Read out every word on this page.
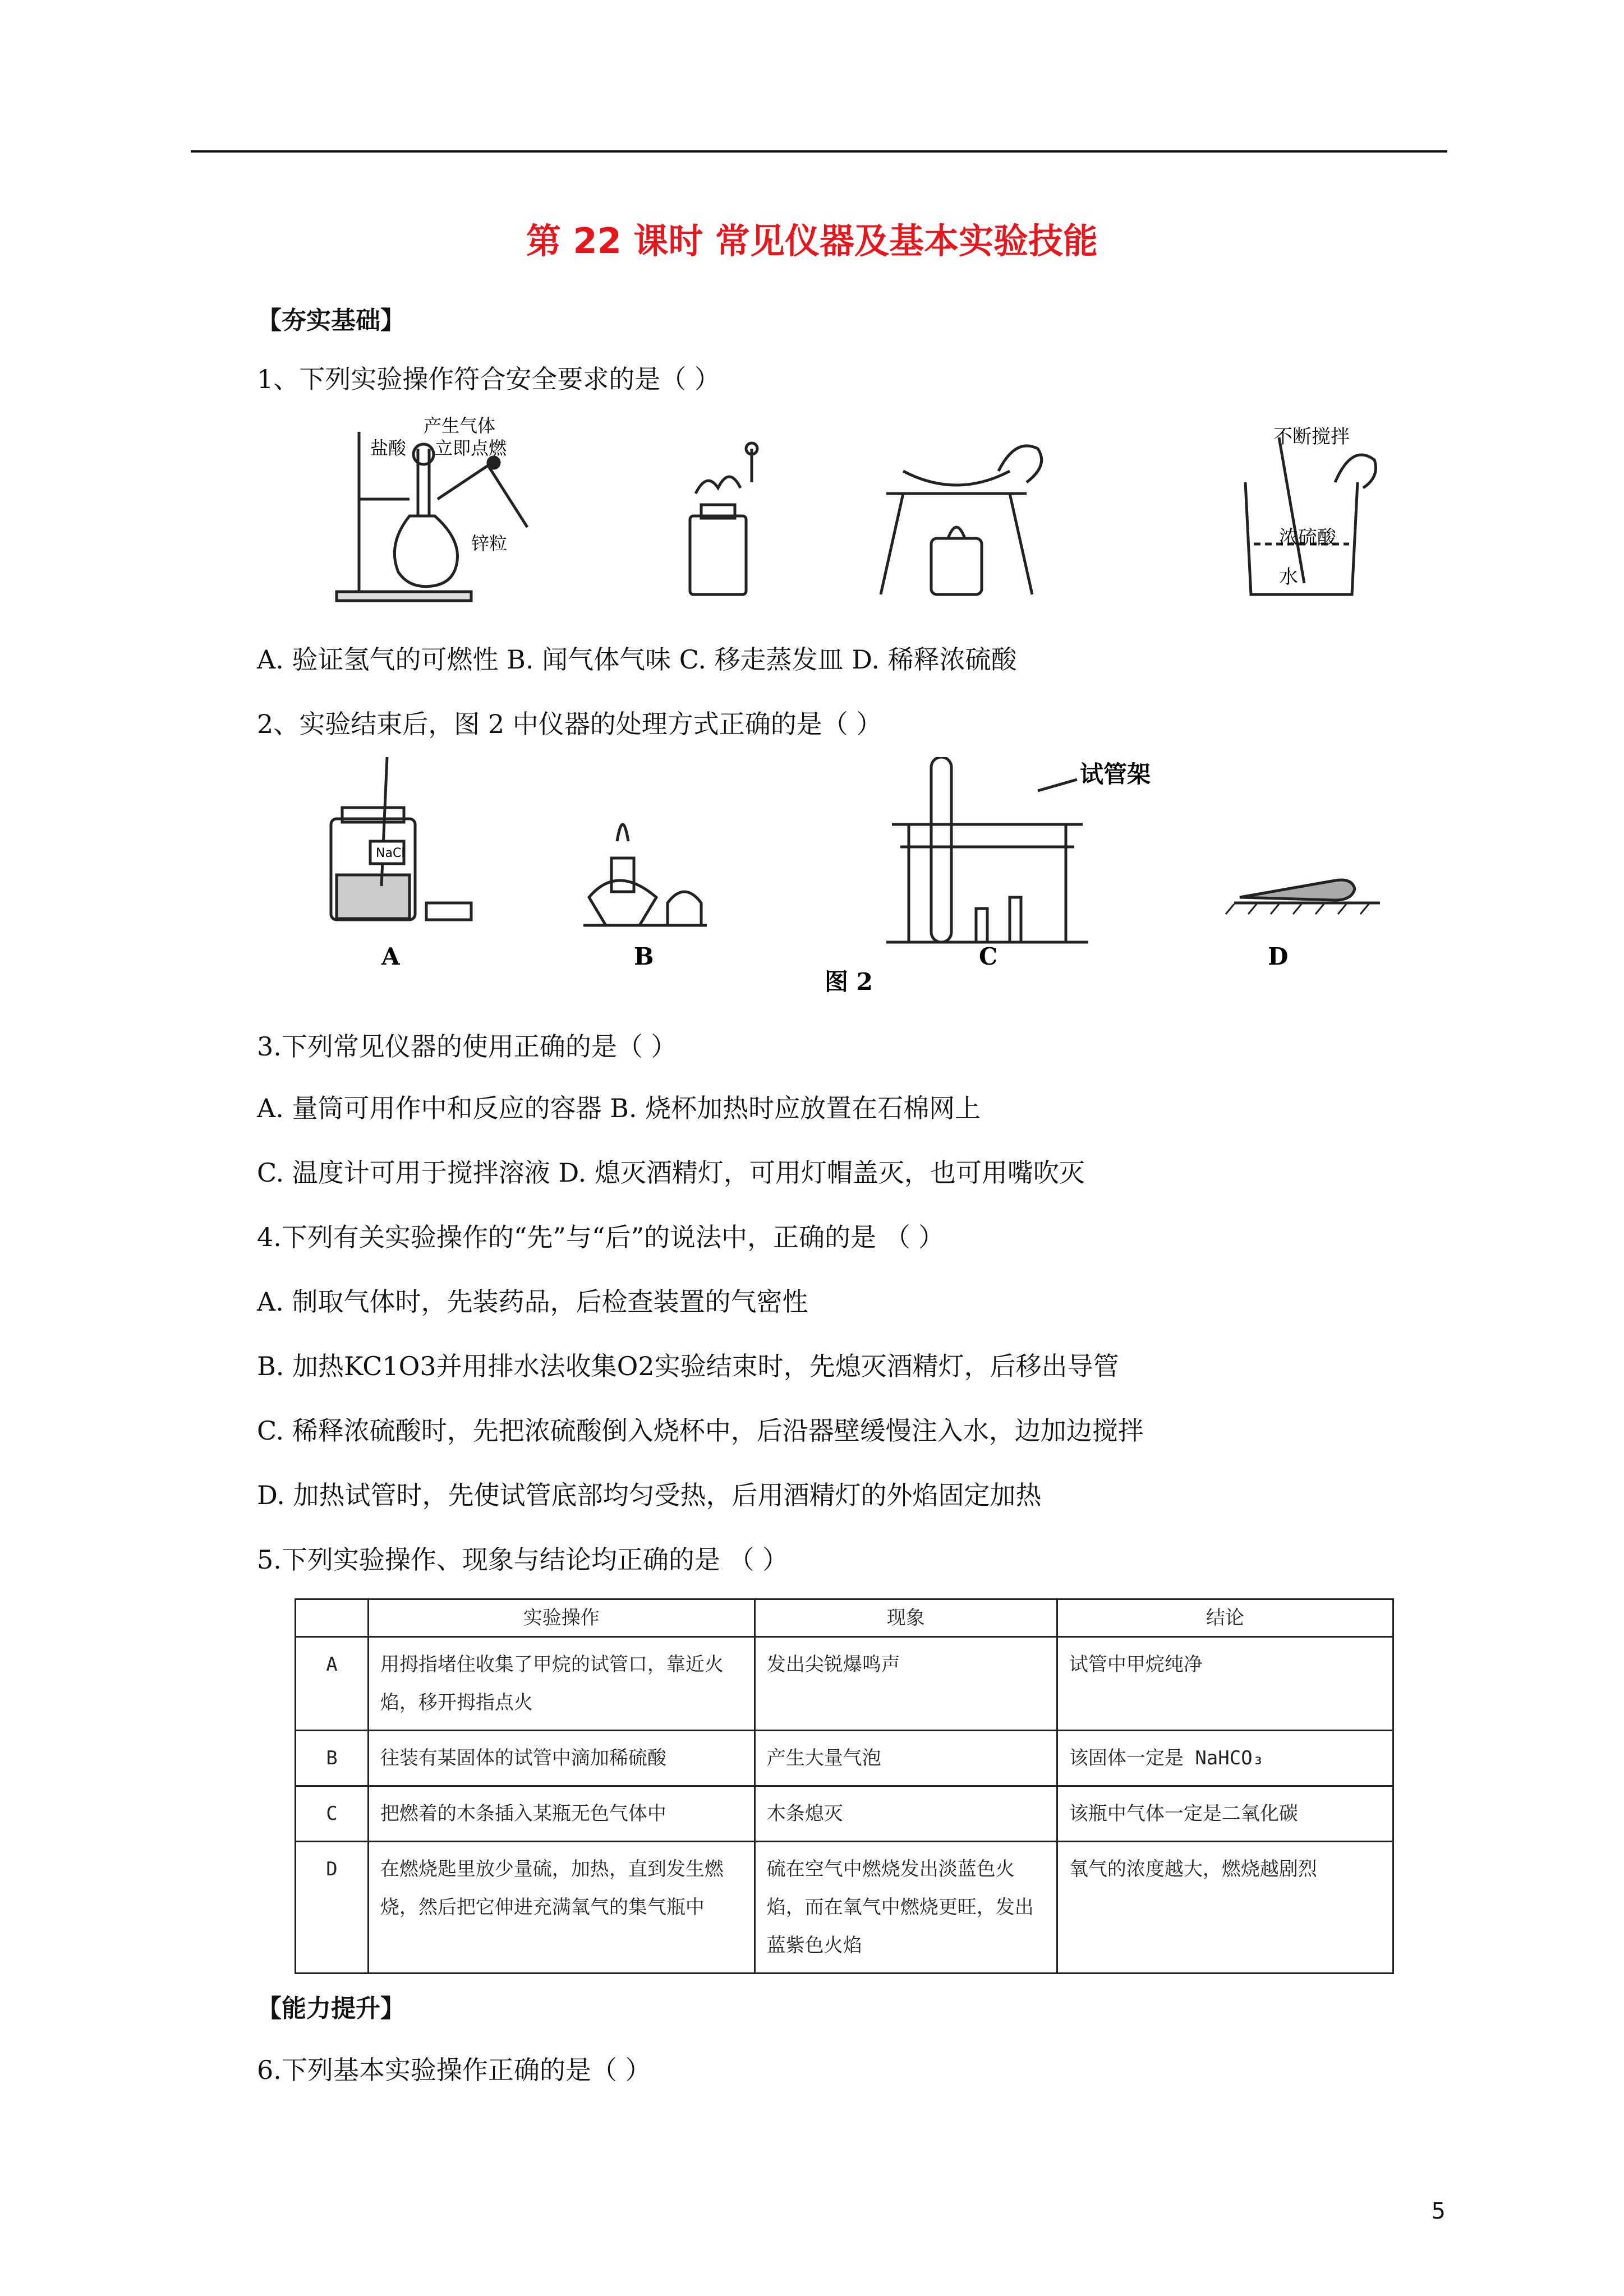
第 22 课时 常见仪器及基本实验技能
【夯实基础】
1、下列实验操作符合安全要求的是（ ）
产生气体
盐酸 立即点燃
锌粒
不断搅拌
浓硫酸
水
A. 验证氢气的可燃性 B. 闻气体气味 C. 移走蒸发皿 D. 稀释浓硫酸
2、实验结束后，图 2 中仪器的处理方式正确的是（ ）
试管架
NaCl
A	B	C	D
图 2
3.下列常见仪器的使用正确的是（ ）
A. 量筒可用作中和反应的容器 B. 烧杯加热时应放置在石棉网上
C. 温度计可用于搅拌溶液 D. 熄灭酒精灯，可用灯帽盖灭，也可用嘴吹灭
4.下列有关实验操作的“先”与“后”的说法中，正确的是 （ ）
A. 制取气体时，先装药品，后检查装置的气密性
B. 加热KC1O3并用排水法收集O2实验结束时，先熄灭酒精灯，后移出导管
C. 稀释浓硫酸时，先把浓硫酸倒入烧杯中，后沿器壁缓慢注入水，边加边搅拌
D. 加热试管时，先使试管底部均匀受热，后用酒精灯的外焰固定加热
5.下列实验操作、现象与结论均正确的是 （ ）
	实验操作	现象	结论
A	用拇指堵住收集了甲烷的试管口，靠近火焰，移开拇指点火	发出尖锐爆鸣声	试管中甲烷纯净
B	往装有某固体的试管中滴加稀硫酸	产生大量气泡	该固体一定是 NaHCO₃
C	把燃着的木条插入某瓶无色气体中	木条熄灭	该瓶中气体一定是二氧化碳
D	在燃烧匙里放少量硫，加热，直到发生燃烧，然后把它伸进充满氧气的集气瓶中	硫在空气中燃烧发出淡蓝色火焰，而在氧气中燃烧更旺，发出蓝紫色火焰	氧气的浓度越大，燃烧越剧烈
【能力提升】
6.下列基本实验操作正确的是（ ）
5
